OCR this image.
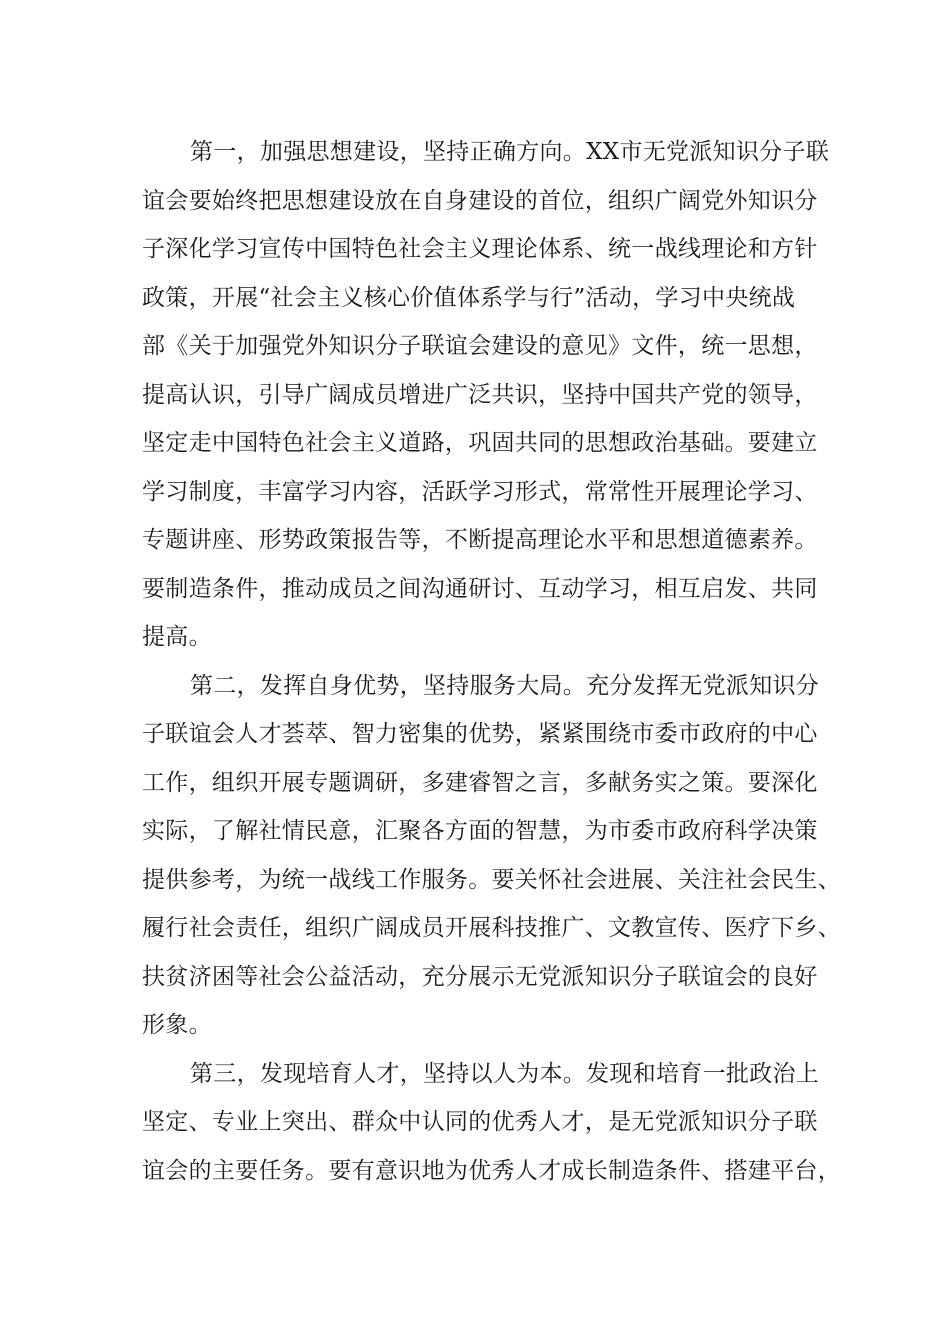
第一，加强思想建设，坚持正确方向。XX市无党派知识分子联
谊会要始终把思想建设放在自身建设的首位，组织广阔党外知识分
子深化学习宣传中国特色社会主义理论体系、统一战线理论和方针
政策，开展“社会主义核心价值体系学与行”活动，学习中央统战
部《关于加强党外知识分子联谊会建设的意见》文件，统一思想，
提高认识，引导广阔成员增进广泛共识，坚持中国共产党的领导，
坚定走中国特色社会主义道路，巩固共同的思想政治基础。要建立
学习制度，丰富学习内容，活跃学习形式，常常性开展理论学习、
专题讲座、形势政策报告等，不断提高理论水平和思想道德素养。
要制造条件，推动成员之间沟通研讨、互动学习，相互启发、共同
提高。
第二，发挥自身优势，坚持服务大局。充分发挥无党派知识分
子联谊会人才荟萃、智力密集的优势，紧紧围绕市委市政府的中心
工作，组织开展专题调研，多建睿智之言，多献务实之策。要深化
实际，了解社情民意，汇聚各方面的智慧，为市委市政府科学决策
提供参考，为统一战线工作服务。要关怀社会进展、关注社会民生、
履行社会责任，组织广阔成员开展科技推广、文教宣传、医疗下乡、
扶贫济困等社会公益活动，充分展示无党派知识分子联谊会的良好
形象。
第三，发现培育人才，坚持以人为本。发现和培育一批政治上
坚定、专业上突出、群众中认同的优秀人才，是无党派知识分子联
谊会的主要任务。要有意识地为优秀人才成长制造条件、搭建平台，
